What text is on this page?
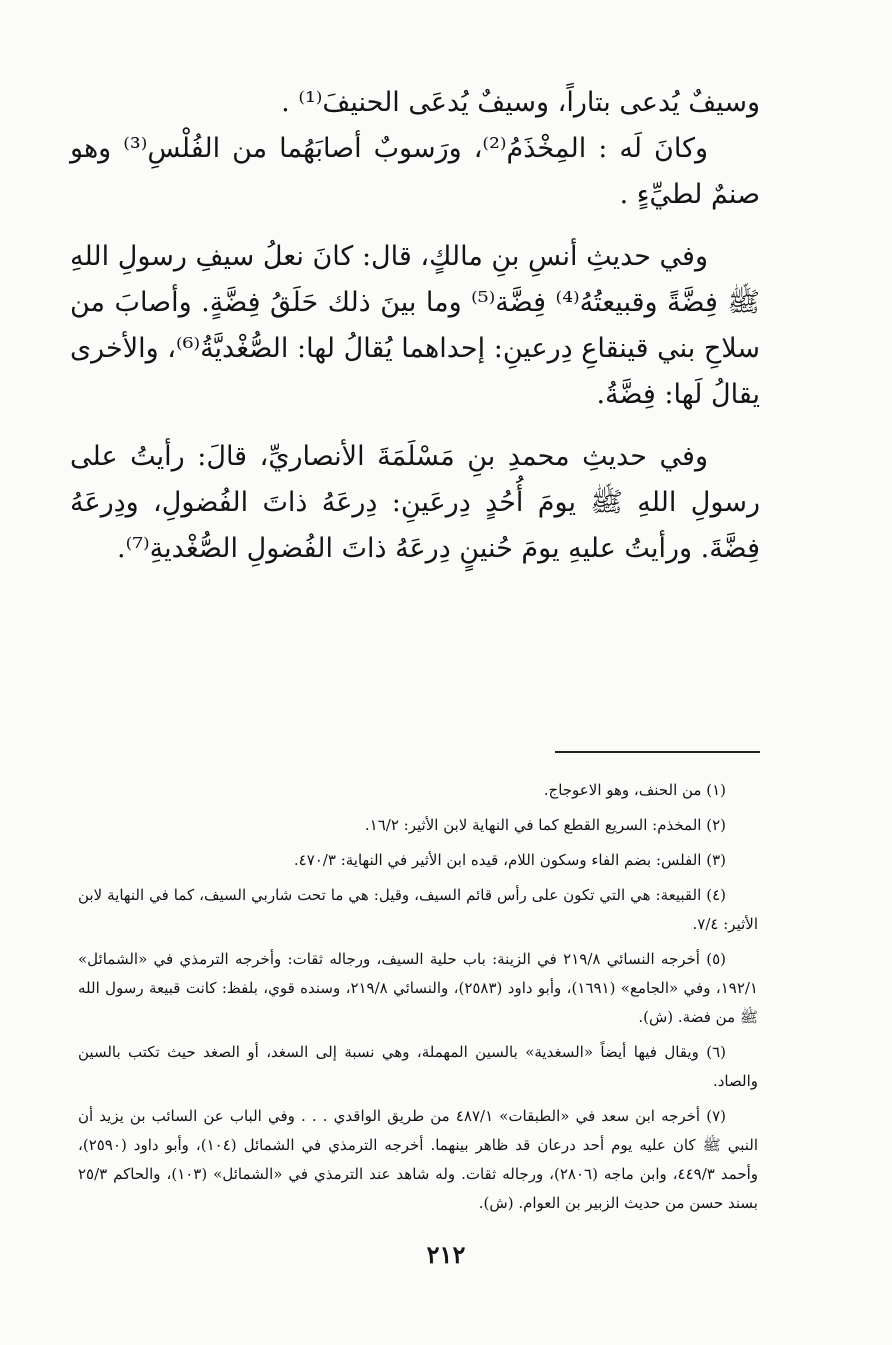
وسيفٌ يُدعى بتاراً، وسيفٌ يُدعَى الحنيفَ⁽¹⁾ .

وكانَ لَه : المِخْذَمُ⁽²⁾، ورَسوبٌ أصابَهُما من الفُلْسِ⁽³⁾ وهو صنمٌ لطيِّءٍ .

وفي حديثِ أنسِ بنِ مالكٍ، قال: كانَ نعلُ سيفِ رسولِ اللهِ ﷺ فِضَّةً وقبيعتُهُ⁽⁴⁾ فِضَّة⁽⁵⁾ وما بينَ ذلك حَلَقُ فِضَّةٍ. وأصابَ من سلاحِ بني قينقاعِ دِرعينِ: إحداهما يُقالُ لها: الصُّغْديَّةُ⁽⁶⁾، والأخرى يقالُ لَها: فِضَّةُ.

وفي حديثِ محمدِ بنِ مَسْلَمَةَ الأنصاريِّ، قالَ: رأيتُ على رسولِ اللهِ ﷺ يومَ أُحُدٍ دِرعَينِ: دِرعَهُ ذاتَ الفُضولِ، ودِرعَهُ فِضَّةَ. ورأيتُ عليهِ يومَ حُنينٍ دِرعَهُ ذاتَ الفُضولِ الصُّغْديةِ⁽⁷⁾.

(١) من الحنف، وهو الاعوجاج.

(٢) المخذم: السريع القطع كما في النهاية لابن الأثير: ١٦/٢.

(٣) الفلس: بضم الفاء وسكون اللام، قيده ابن الأثير في النهاية: ٤٧٠/٣.

(٤) القبيعة: هي التي تكون على رأس قائم السيف، وقيل: هي ما تحت شاربي السيف، كما في النهاية لابن الأثير: ٧/٤.

(٥) أخرجه النسائي ٢١٩/٨ في الزينة: باب حلية السيف، ورجاله ثقات: وأخرجه الترمذي في «الشمائل» ١٩٢/١، وفي «الجامع» (١٦٩١)، وأبو داود (٢٥٨٣)، والنسائي ٢١٩/٨، وسنده قوي، بلفظ: كانت قبيعة رسول الله ﷺ من فضة. (ش).

(٦) ويقال فيها أيضاً «السغدية» بالسين المهملة، وهي نسبة إلى السغد، أو الصغد حيث تكتب بالسين والصاد.

(٧) أخرجه ابن سعد في «الطبقات» ٤٨٧/١ من طريق الواقدي . . . وفي الباب عن السائب بن يزيد أن النبي ﷺ كان عليه يوم أحد درعان قد ظاهر بينهما. أخرجه الترمذي في الشمائل (١٠٤)، وأبو داود (٢٥٩٠)، وأحمد ٤٤٩/٣، وابن ماجه (٢٨٠٦)، ورجاله ثقات. وله شاهد عند الترمذي في «الشمائل» (١٠٣)، والحاكم ٢٥/٣ بسند حسن من حديث الزبير بن العوام. (ش).

٢١٢
